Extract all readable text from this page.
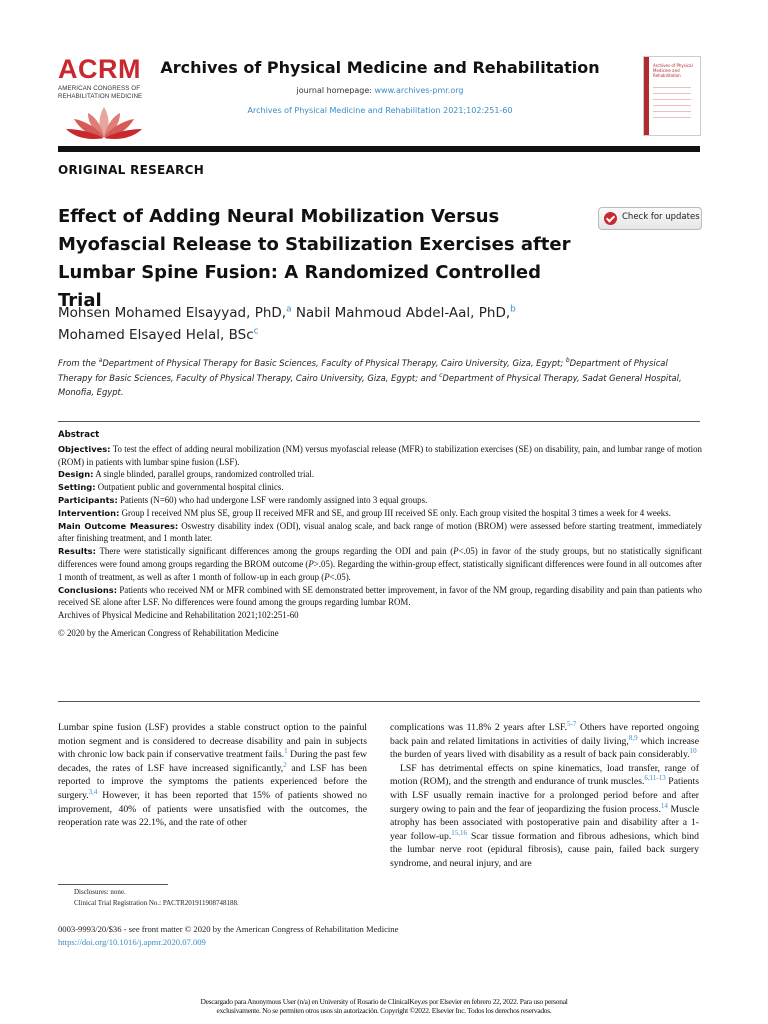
ACRM
AMERICAN CONGRESS OF
REHABILITATION MEDICINE
Archives of Physical Medicine and Rehabilitation
journal homepage: www.archives-pmr.org
Archives of Physical Medicine and Rehabilitation 2021;102:251-60
Archives of Physical Medicine and Rehabilitation
ORIGINAL RESEARCH
Effect of Adding Neural Mobilization Versus
Myofascial Release to Stabilization Exercises after
Lumbar Spine Fusion: A Randomized Controlled Trial
Check for updates
Mohsen Mohamed Elsayyad, PhD,$^a$ Nabil Mahmoud Abdel-Aal, PhD,$^b$
Mohamed Elsayed Helal, BSc$^c$
From the $^a$Department of Physical Therapy for Basic Sciences, Faculty of Physical Therapy, Cairo University, Giza, Egypt; $^b$Department of Physical Therapy for Basic Sciences, Faculty of Physical Therapy, Cairo University, Giza, Egypt; and $^c$Department of Physical Therapy, Sadat General Hospital, Monofia, Egypt.

Abstract

Objectives: To test the effect of adding neural mobilization (NM) versus myofascial release (MFR) to stabilization exercises (SE) on disability, pain, and lumbar range of motion (ROM) in patients with lumbar spine fusion (LSF).

Design: A single blinded, parallel groups, randomized controlled trial.

Setting: Outpatient public and governmental hospital clinics.

Participants: Patients (N=60) who had undergone LSF were randomly assigned into 3 equal groups.

Intervention: Group I received NM plus SE, group II received MFR and SE, and group III received SE only. Each group visited the hospital 3 times a week for 4 weeks.

Main Outcome Measures: Oswestry disability index (ODI), visual analog scale, and back range of motion (BROM) were assessed before starting treatment, immediately after finishing treatment, and 1 month later.

Results: There were statistically significant differences among the groups regarding the ODI and pain (P<.05) in favor of the study groups, but no statistically significant differences were found among groups regarding the BROM outcome (P>.05). Regarding the within-group effect, statistically significant differences were found in all outcomes after 1 month of treatment, as well as after 1 month of follow-up in each group (P<.05).

Conclusions: Patients who received NM or MFR combined with SE demonstrated better improvement, in favor of the NM group, regarding disability and pain than patients who received SE alone after LSF. No differences were found among the groups regarding lumbar ROM.

Archives of Physical Medicine and Rehabilitation 2021;102:251-60

© 2020 by the American Congress of Rehabilitation Medicine

Lumbar spine fusion (LSF) provides a stable construct option to the painful motion segment and is considered to decrease disability and pain in subjects with chronic low back pain if conservative treatment fails.$^1$ During the past few decades, the rates of LSF have increased significantly,$^2$ and LSF has been reported to improve the symptoms the patients experienced before the surgery.$^{3,4}$ However, it has been reported that 15% of patients showed no improvement, 40% of patients were unsatisfied with the outcomes, the reoperation rate was 22.1%, and the rate of other

complications was 11.8% 2 years after LSF.$^{5-7}$ Others have reported ongoing back pain and related limitations in activities of daily living,$^{8,9}$ which increase the burden of years lived with disability as a result of back pain considerably.$^{10}$

LSF has detrimental effects on spine kinematics, load transfer, range of motion (ROM), and the strength and endurance of trunk muscles.$^{6,11-13}$ Patients with LSF usually remain inactive for a prolonged period before and after surgery owing to pain and the fear of jeopardizing the fusion process.$^{14}$ Muscle atrophy has been associated with postoperative pain and disability after a 1-year follow-up.$^{15,16}$ Scar tissue formation and fibrous adhesions, which bind the lumbar nerve root (epidural fibrosis), cause pain, failed back surgery syndrome, and neural injury, and are

Disclosures: none.
Clinical Trial Registration No.: PACTR201911908748188.
0003-9993/20/$36 - see front matter © 2020 by the American Congress of Rehabilitation Medicine
https://doi.org/10.1016/j.apmr.2020.07.009
Descargado para Anonymous User (n/a) en University of Rosario de ClinicalKey.es por Elsevier en febrero 22, 2022. Para uso personal
exclusivamente. No se permiten otros usos sin autorización. Copyright ©2022. Elsevier Inc. Todos los derechos reservados.
